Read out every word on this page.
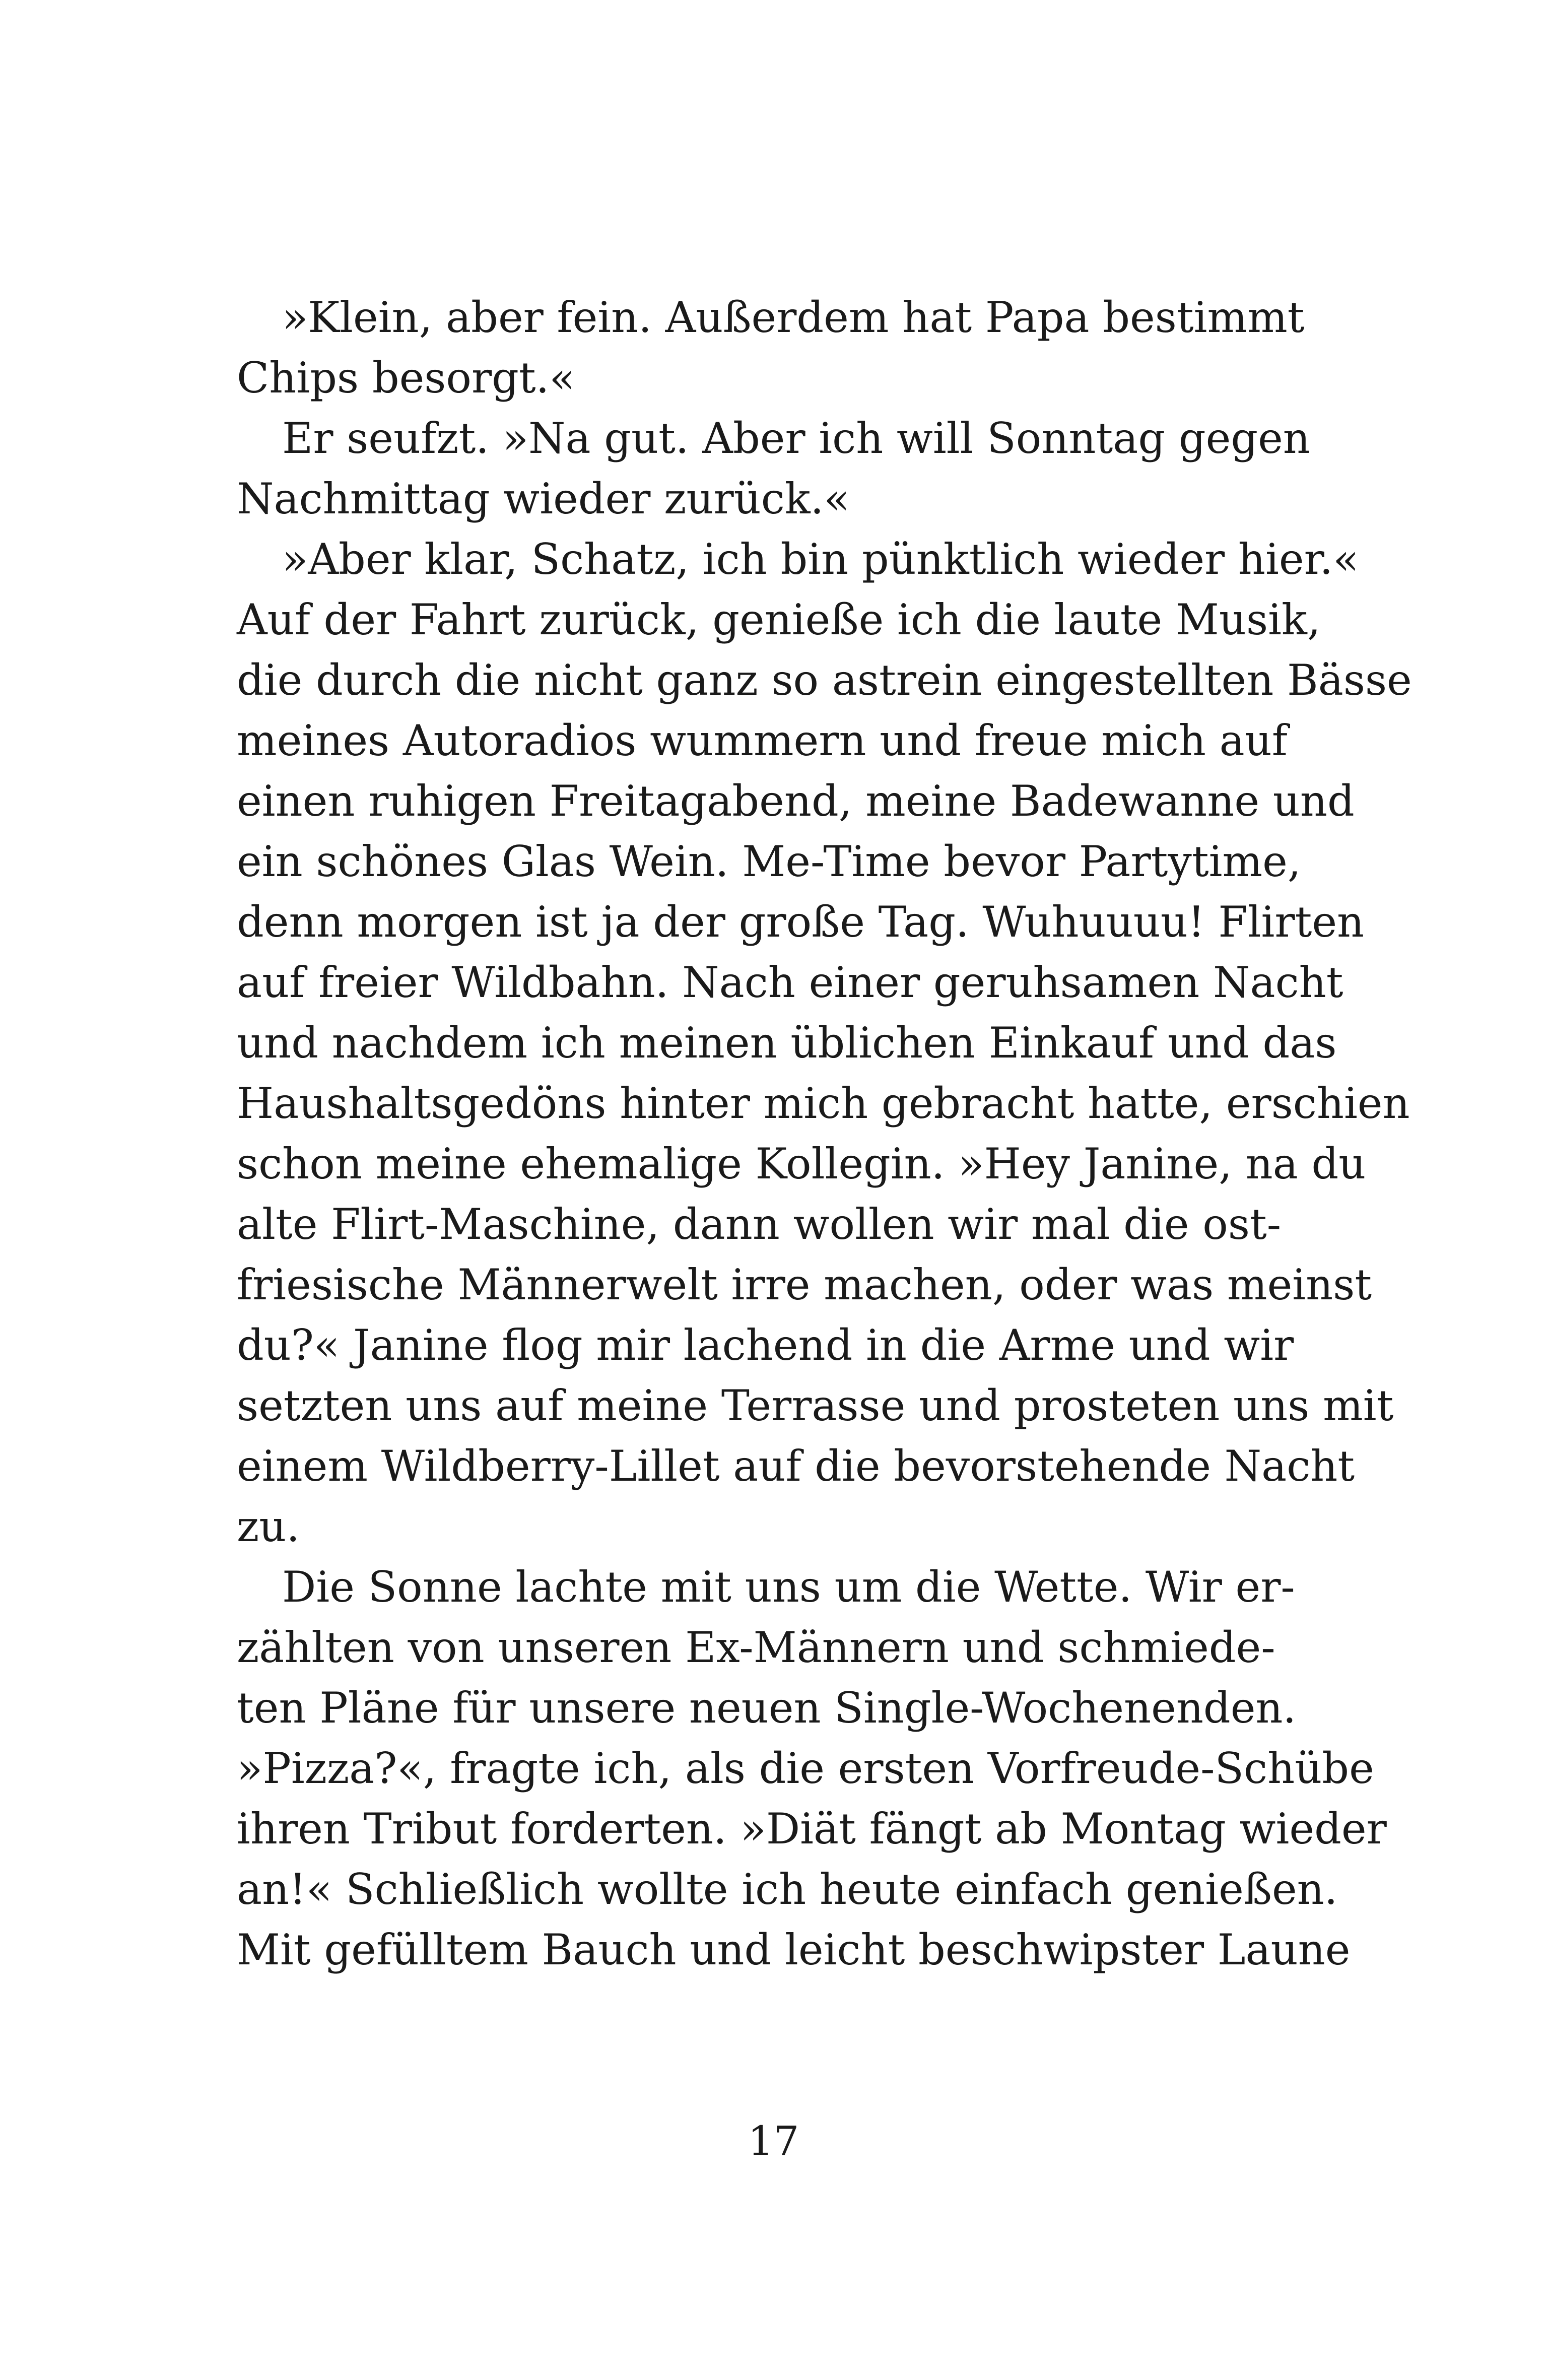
»Klein, aber fein. Außerdem hat Papa bestimmt
Chips besorgt.«
Er seufzt. »Na gut. Aber ich will Sonntag gegen
Nachmittag wieder zurück.«
»Aber klar, Schatz, ich bin pünktlich wieder hier.«
Auf der Fahrt zurück, genieße ich die laute Musik,
die durch die nicht ganz so astrein eingestellten Bässe
meines Autoradios wummern und freue mich auf
einen ruhigen Freitagabend, meine Badewanne und
ein schönes Glas Wein. Me-Time bevor Partytime,
denn morgen ist ja der große Tag. Wuhuuuu! Flirten
auf freier Wildbahn. Nach einer geruhsamen Nacht
und nachdem ich meinen üblichen Einkauf und das
Haushaltsgedöns hinter mich gebracht hatte, erschien
schon meine ehemalige Kollegin. »Hey Janine, na du
alte Flirt-Maschine, dann wollen wir mal die ost-
friesische Männerwelt irre machen, oder was meinst
du?« Janine flog mir lachend in die Arme und wir
setzten uns auf meine Terrasse und prosteten uns mit
einem Wildberry-Lillet auf die bevorstehende Nacht
zu.
Die Sonne lachte mit uns um die Wette. Wir er-
zählten von unseren Ex-Männern und schmiede-
ten Pläne für unsere neuen Single-Wochenenden.
»Pizza?«, fragte ich, als die ersten Vorfreude-Schübe
ihren Tribut forderten. »Diät fängt ab Montag wieder
an!« Schließlich wollte ich heute einfach genießen.
Mit gefülltem Bauch und leicht beschwipster Laune
17
